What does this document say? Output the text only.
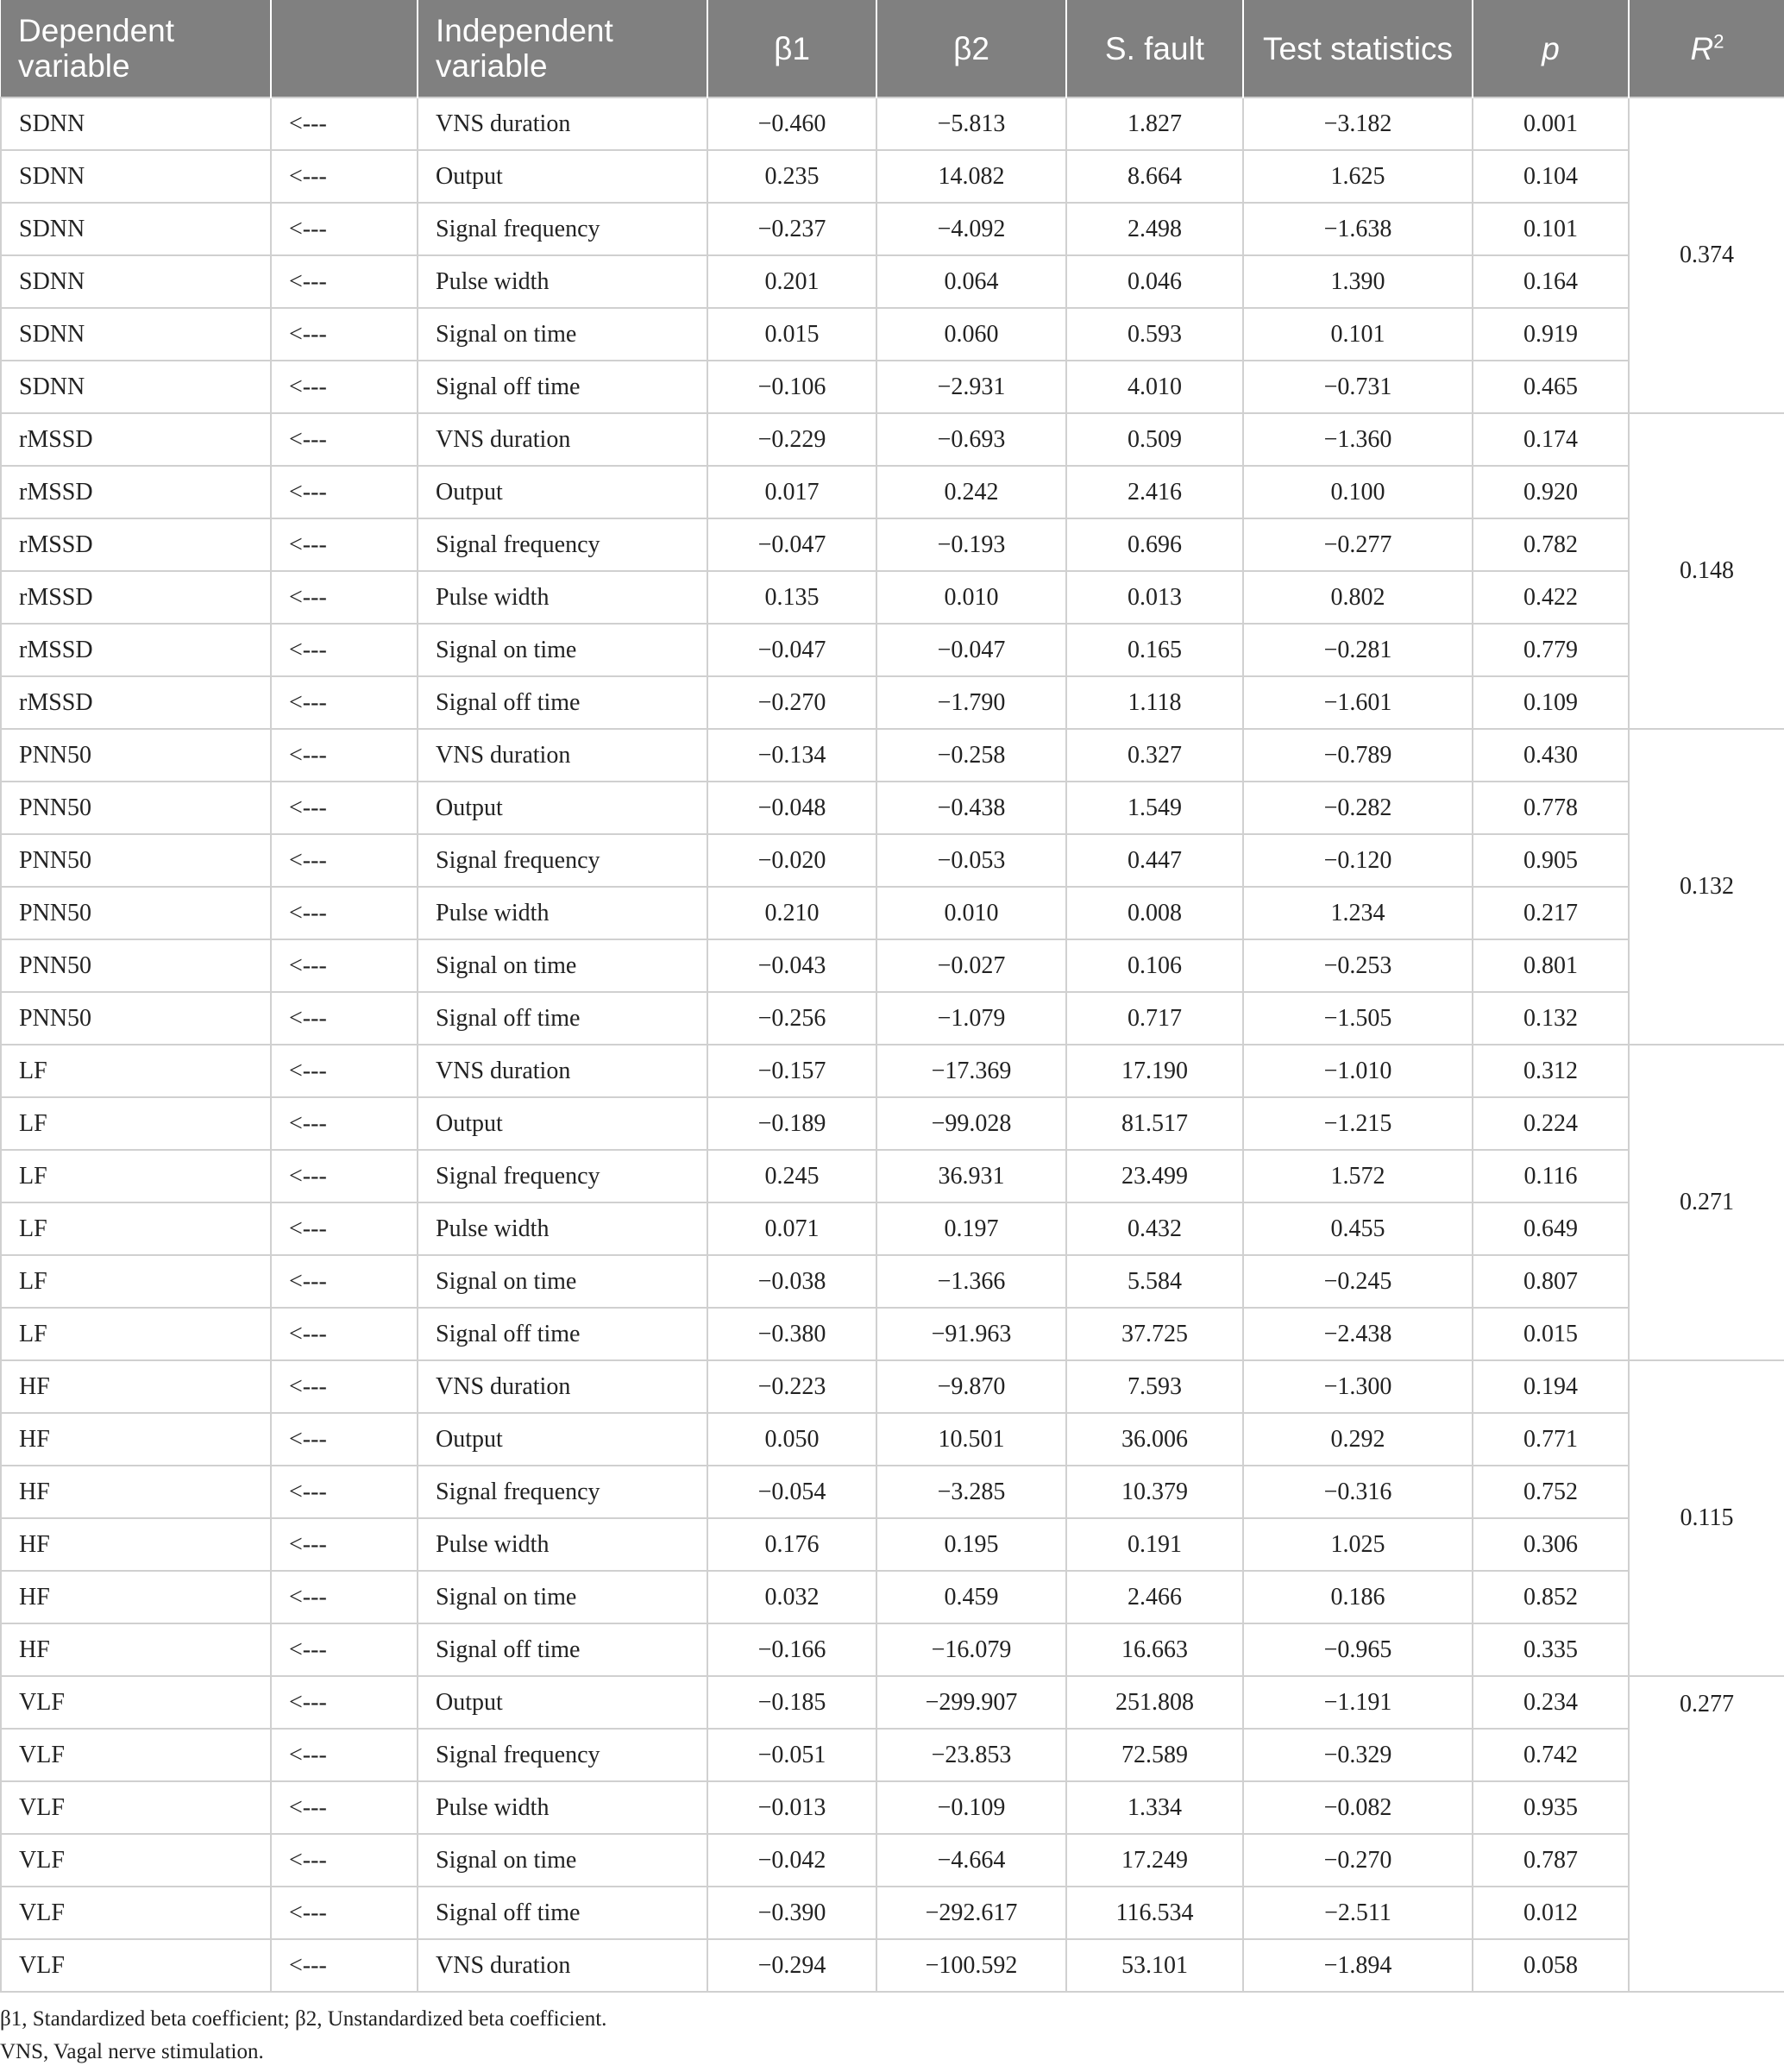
Dependent variable		Independent variable	β1	β2	S. fault	Test statistics	p	$R^2$
SDNN	<---	VNS duration	−0.460	−5.813	1.827	−3.182	0.001	0.374
SDNN	<---	Output	0.235	14.082	8.664	1.625	0.104	
SDNN	<---	Signal frequency	−0.237	−4.092	2.498	−1.638	0.101	
SDNN	<---	Pulse width	0.201	0.064	0.046	1.390	0.164	
SDNN	<---	Signal on time	0.015	0.060	0.593	0.101	0.919	
SDNN	<---	Signal off time	−0.106	−2.931	4.010	−0.731	0.465	
rMSSD	<---	VNS duration	−0.229	−0.693	0.509	−1.360	0.174	0.148
rMSSD	<---	Output	0.017	0.242	2.416	0.100	0.920	
rMSSD	<---	Signal frequency	−0.047	−0.193	0.696	−0.277	0.782	
rMSSD	<---	Pulse width	0.135	0.010	0.013	0.802	0.422	
rMSSD	<---	Signal on time	−0.047	−0.047	0.165	−0.281	0.779	
rMSSD	<---	Signal off time	−0.270	−1.790	1.118	−1.601	0.109	
PNN50	<---	VNS duration	−0.134	−0.258	0.327	−0.789	0.430	0.132
PNN50	<---	Output	−0.048	−0.438	1.549	−0.282	0.778	
PNN50	<---	Signal frequency	−0.020	−0.053	0.447	−0.120	0.905	
PNN50	<---	Pulse width	0.210	0.010	0.008	1.234	0.217	
PNN50	<---	Signal on time	−0.043	−0.027	0.106	−0.253	0.801	
PNN50	<---	Signal off time	−0.256	−1.079	0.717	−1.505	0.132	
LF	<---	VNS duration	−0.157	−17.369	17.190	−1.010	0.312	0.271
LF	<---	Output	−0.189	−99.028	81.517	−1.215	0.224	
LF	<---	Signal frequency	0.245	36.931	23.499	1.572	0.116	
LF	<---	Pulse width	0.071	0.197	0.432	0.455	0.649	
LF	<---	Signal on time	−0.038	−1.366	5.584	−0.245	0.807	
LF	<---	Signal off time	−0.380	−91.963	37.725	−2.438	0.015	
HF	<---	VNS duration	−0.223	−9.870	7.593	−1.300	0.194	0.115
HF	<---	Output	0.050	10.501	36.006	0.292	0.771	
HF	<---	Signal frequency	−0.054	−3.285	10.379	−0.316	0.752	
HF	<---	Pulse width	0.176	0.195	0.191	1.025	0.306	
HF	<---	Signal on time	0.032	0.459	2.466	0.186	0.852	
HF	<---	Signal off time	−0.166	−16.079	16.663	−0.965	0.335	
VLF	<---	Output	−0.185	−299.907	251.808	−1.191	0.234	0.277
VLF	<---	Signal frequency	−0.051	−23.853	72.589	−0.329	0.742	
VLF	<---	Pulse width	−0.013	−0.109	1.334	−0.082	0.935	
VLF	<---	Signal on time	−0.042	−4.664	17.249	−0.270	0.787	
VLF	<---	Signal off time	−0.390	−292.617	116.534	−2.511	0.012	
VLF	<---	VNS duration	−0.294	−100.592	53.101	−1.894	0.058	

β1, Standardized beta coefficient; β2, Unstandardized beta coefficient.

VNS, Vagal nerve stimulation.
